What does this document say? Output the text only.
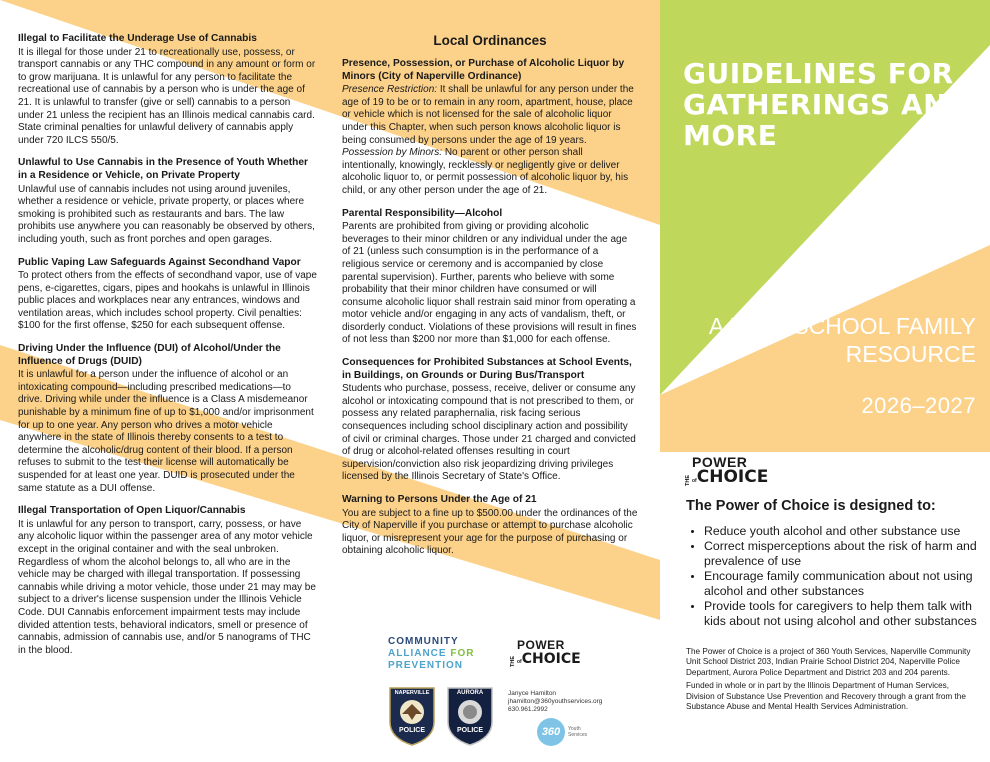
Illegal to Facilitate the Underage Use of Cannabis

It is illegal for those under 21 to recreationally use, possess, or transport cannabis or any THC compound in any amount or form or to grow marijuana. It is unlawful for any person to facilitate the recreational use of cannabis by a person who is under the age of 21. It is unlawful to transfer (give or sell) cannabis to a person under 21 unless the recipient has an Illinois medical cannabis card. State criminal penalties for unlawful delivery of cannabis apply under 720 ILCS 550/5.

Unlawful to Use Cannabis in the Presence of Youth Whether in a Residence or Vehicle, on Private Property

Unlawful use of cannabis includes not using around juveniles, whether a residence or vehicle, private property, or places where smoking is prohibited such as restaurants and bars. The law prohibits use anywhere you can reasonably be observed by others, including youth, such as front porches and open garages.

Public Vaping Law Safeguards Against Secondhand Vapor

To protect others from the effects of secondhand vapor, use of vape pens, e-cigarettes, cigars, pipes and hookahs is unlawful in Illinois public places and workplaces near any entrances, windows and ventilation areas, which includes school property. Civil penalties: $100 for the first offense, $250 for each subsequent offense.

Driving Under the Influence (DUI) of Alcohol/Under the Influence of Drugs (DUID)

It is unlawful for a person under the influence of alcohol or an intoxicating compound—including prescribed medications—to drive. Driving while under the influence is a Class A misdemeanor punishable by a minimum fine of up to $1,000 and/or imprisonment for up to one year. Any person who drives a motor vehicle anywhere in the state of Illinois thereby consents to a test to determine the alcoholic/drug content of their blood. If a person refuses to submit to the test their license will automatically be suspended for at least one year. DUID is prosecuted under the same statute as a DUI offense.

Illegal Transportation of Open Liquor/Cannabis

It is unlawful for any person to transport, carry, possess, or have any alcoholic liquor within the passenger area of any motor vehicle except in the original container and with the seal unbroken. Regardless of whom the alcohol belongs to, all who are in the vehicle may be charged with illegal transportation. If possessing cannabis while driving a motor vehicle, those under 21 may may be subject to a driver's license suspension under the Illinois Vehicle Code. DUI Cannabis enforcement impairment tests may include divided attention tests, behavioral indicators, smell or presence of cannabis, admission of cannabis use, and/or 5 nanograms of THC in the blood.

Local Ordinances

Presence, Possession, or Purchase of Alcoholic Liquor by Minors (City of Naperville Ordinance)

Presence Restriction: It shall be unlawful for any person under the age of 19 to be or to remain in any room, apartment, house, place or vehicle which is not licensed for the sale of alcoholic liquor under this Chapter, when such person knows alcoholic liquor is being consumed by persons under the age of 19 years.
Possession by Minors: No parent or other person shall intentionally, knowingly, recklessly or negligently give or deliver alcoholic liquor to, or permit possession of alcoholic liquor by, his child, or any other person under the age of 21.

Parental Responsibility—Alcohol

Parents are prohibited from giving or providing alcoholic beverages to their minor children or any individual under the age of 21 (unless such consumption is in the performance of a religious service or ceremony and is accompanied by close parental supervision). Further, parents who believe with some probability that their minor children have consumed or will consume alcoholic liquor shall restrain said minor from operating a motor vehicle and/or engaging in any acts of vandalism, theft, or disorderly conduct. Violations of these provisions will result in fines of not less than $200 nor more than $1,000 for each offense.

Consequences for Prohibited Substances at School Events, in Buildings, on Grounds or During Bus/Transport

Students who purchase, possess, receive, deliver or consume any alcohol or intoxicating compound that is not prescribed to them, or possess any related paraphernalia, risk facing serious consequences including school disciplinary action and possibility of civil or criminal charges. Those under 21 charged and convicted of drug or alcohol-related offenses resulting in court supervision/conviction also risk jeopardizing driving privileges licensed by the Illinois Secretary of State's Office.

Warning to Persons Under the Age of 21

You are subject to a fine up to $500.00 under the ordinances of the City of Naperville if you purchase or attempt to purchase alcoholic liquor, or misrepresent your age for the purpose of purchasing or obtaining alcoholic liquor.

GUIDELINES FOR GATHERINGS AND MORE
A HIGH SCHOOL FAMILY RESOURCE
2026–2027
THE
POWER
ofCHOICE
The Power of Choice is designed to:
• Reduce youth alcohol and other substance use
• Correct misperceptions about the risk of harm and prevalence of use
• Encourage family communication about not using alcohol and other substances
• Provide tools for caregivers to help them talk with kids about not using alcohol and other substances

The Power of Choice is a project of 360 Youth Services, Naperville Community Unit School District 203, Indian Prairie School District 204, Naperville Police Department, Aurora Police Department and District 203 and 204 parents.

Funded in whole or in part by the Illinois Department of Human Services, Division of Substance Use Prevention and Recovery through a grant from the Substance Abuse and Mental Health Services Administration.

COMMUNITY
ALLIANCE FOR
PREVENTION	THE
POWER
ofCHOICE
NAPERVILLE
POLICE
AURORA
POLICE
Janyce Hamilton
jhamilton@360youthservices.org
630.961.2992
360	Youth
Services
